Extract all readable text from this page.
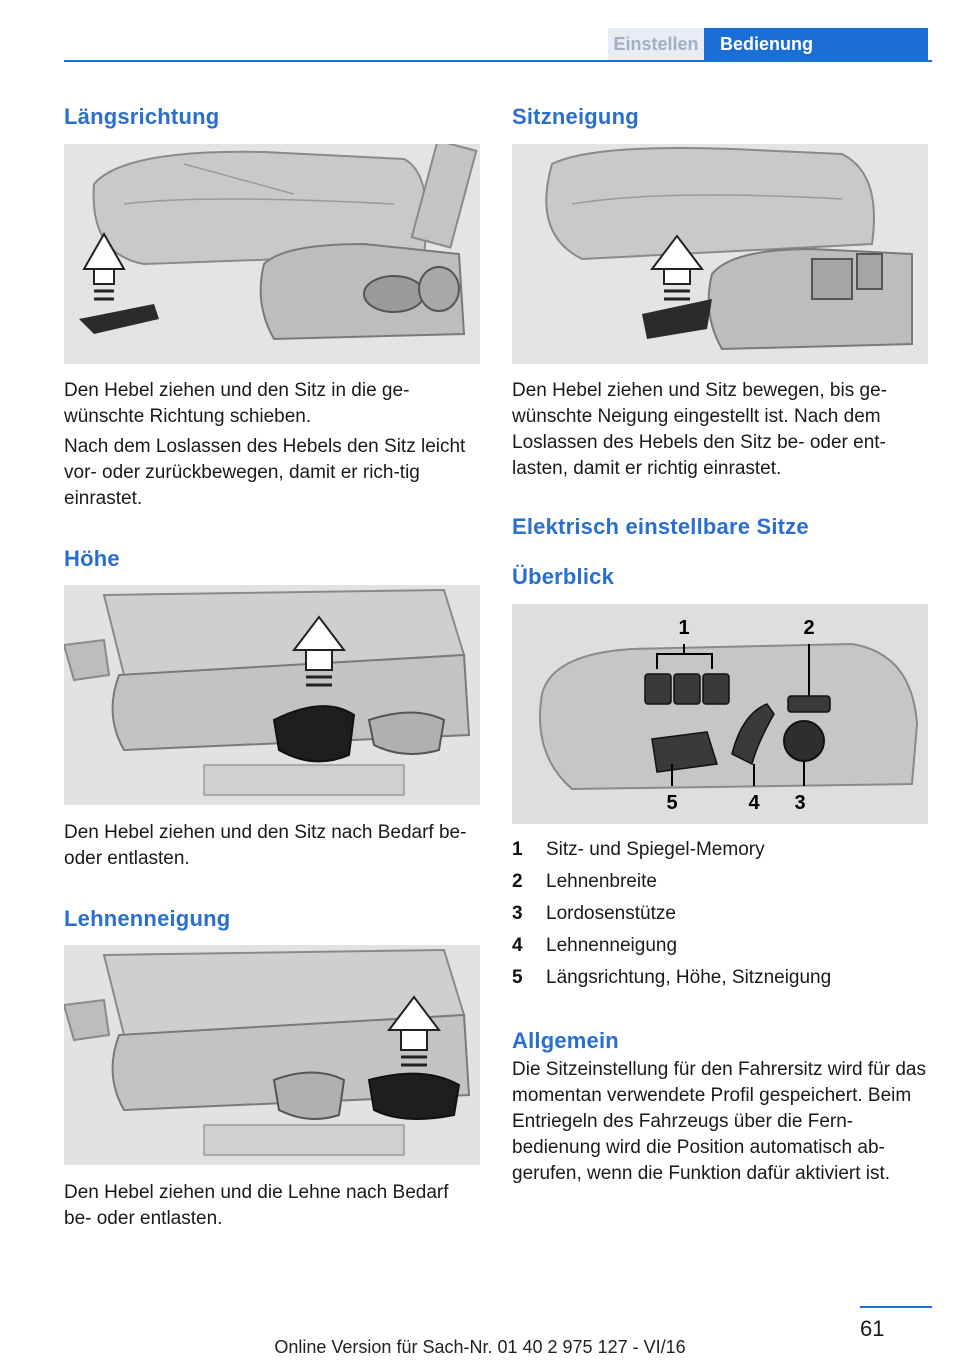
Einstellen	Bedienung
Längsrichtung

Den Hebel ziehen und den Sitz in die ge‐wünschte Richtung schieben.

Nach dem Loslassen des Hebels den Sitz leicht vor- oder zurückbewegen, damit er rich‐tig einrastet.

Höhe

Den Hebel ziehen und den Sitz nach Bedarf be- oder entlasten.

Lehnenneigung

Den Hebel ziehen und die Lehne nach Bedarf be- oder entlasten.

Sitzneigung

Den Hebel ziehen und Sitz bewegen, bis ge‐wünschte Neigung eingestellt ist. Nach dem Loslassen des Hebels den Sitz be- oder ent‐lasten, damit er richtig einrastet.

Elektrisch einstellbare Sitze
Überblick
1	2
3
4
5
1	Sitz- und Spiegel-Memory
2	Lehnenbreite
3	Lordosenstütze
4	Lehnenneigung
5	Längsrichtung, Höhe, Sitzneigung
Allgemein

Die Sitzeinstellung für den Fahrersitz wird für das momentan verwendete Profil gespeichert. Beim Entriegeln des Fahrzeugs über die Fern‐bedienung wird die Position automatisch ab‐gerufen, wenn die Funktion dafür aktiviert ist.

61
Online Version für Sach-Nr. 01 40 2 975 127 - VI/16
